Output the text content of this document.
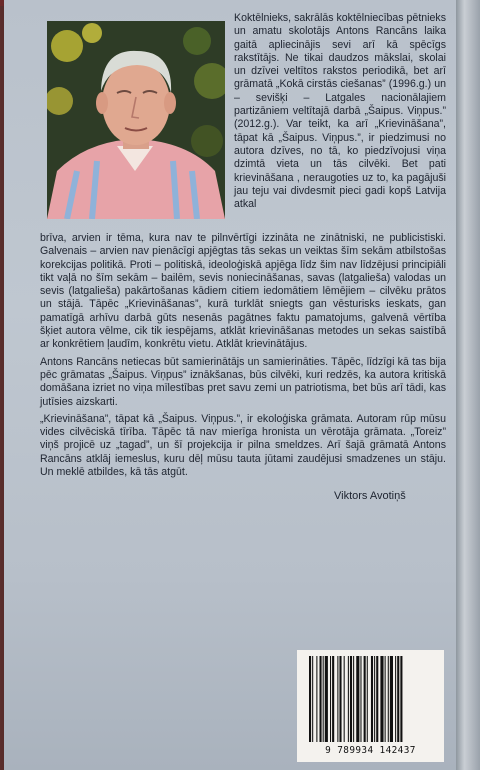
Koktēlnieks, sakrālās koktēlniecības pētnieks un amatu skolotājs Antons Rancāns laika gaitā apliecinājis sevi arī kā spēcīgs rakstītājs. Ne tikai daudzos mākslai, skolai un dzīvei veltītos rakstos periodikā, bet arī grāmatā „Kokā cirstās ciešanas” (1996.g.) un – sevišķi – Latgales nacionālajiem partizāniem veltītajā darbā „Šaipus. Viņpus.” (2012.g.). Var teikt, ka arī „Krievināšana”, tāpat kā „Šaipus. Viņpus.”, ir piedzimusi no autora dzīves, no tā, ko piedzīvojusi viņa dzimtā vieta un tās cilvēki. Bet pati krievināšana , neraugoties uz to, ka pagājuši jau teju vai divdesmit pieci gadi kopš Latvija atkal

brīva, arvien ir tēma, kura nav te pilnvērtīgi izzināta ne zinātniski, ne publicistiski. Galvenais – arvien nav pienācīgi apjēgtas tās sekas un veiktas šīm sekām atbilstošas korekcijas politikā. Proti – politiskā, ideoloģiskā apjēga līdz šim nav līdzējusi principiāli tikt vaļā no šīm sekām – bailēm, sevis noniecināšanas, savas (latgalieša) valodas un sevis (latgalieša) pakārtošanas kādiem citiem iedomātiem lēmējiem – cilvēku prātos un stājā. Tāpēc „Krievināšanas”, kurā turklāt sniegts gan vēsturisks ieskats, gan pamatīgā arhīvu darbā gūts nesenās pagātnes faktu pamatojums, galvenā vērtība šķiet autora vēlme, cik tik iespējams, atklāt krievināšanas metodes un sekas saistībā ar konkrētiem ļaudīm, konkrētu vietu. Atklāt krievinātājus.

Antons Rancāns netiecas būt samierinātājs un samierināties. Tāpēc, līdzīgi kā tas bija pēc grāmatas „Šaipus. Viņpus” iznākšanas, būs cilvēki, kuri redzēs, ka autora kritiskā domāšana izriet no viņa mīlestības pret savu zemi un patriotisma, bet būs arī tādi, kas jutīsies aizskarti.

„Krievināšana”, tāpat kā „Šaipus. Viņpus.”, ir ekoloģiska grāmata. Autoram rūp mūsu vides cilvēciskā tīrība. Tāpēc tā nav mierīga hronista un vērotāja grāmata. „Toreiz” viņš projicē uz „tagad”, un šī projekcija ir pilna smeldzes. Arī šajā grāmatā Antons Rancāns atklāj iemeslus, kuru dēļ mūsu tauta jūtami zaudējusi smadzenes un stāju. Un meklē atbildes, kā tās atgūt.

Viktors Avotiņš
9 789934 142437
